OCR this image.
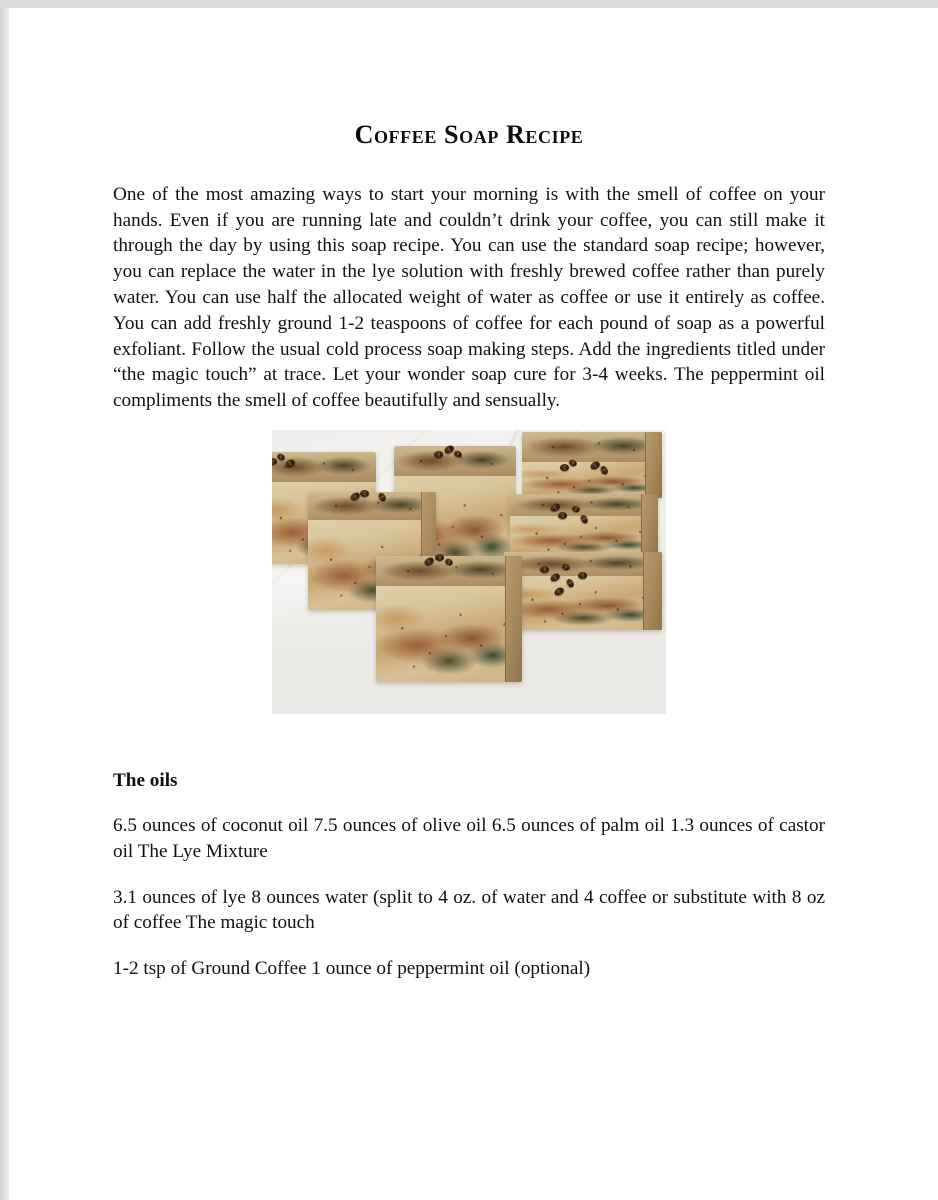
Coffee Soap Recipe

One of the most amazing ways to start your morning is with the smell of coffee on your hands. Even if you are running late and couldn’t drink your coffee, you can still make it through the day by using this soap recipe. You can use the standard soap recipe; however, you can replace the water in the lye solution with freshly brewed coffee rather than purely water. You can use half the allocated weight of water as coffee or use it entirely as coffee. You can add freshly ground 1-2 teaspoons of coffee for each pound of soap as a powerful exfoliant. Follow the usual cold process soap making steps. Add the ingredients titled under “the magic touch” at trace. Let your wonder soap cure for 3-4 weeks. The peppermint oil compliments the smell of coffee beautifully and sensually.

The oils

6.5 ounces of coconut oil 7.5 ounces of olive oil 6.5 ounces of palm oil 1.3 ounces of castor oil The Lye Mixture

3.1 ounces of lye 8 ounces water (split to 4 oz. of water and 4 coffee or substitute with 8 oz of coffee The magic touch

1-2 tsp of Ground Coffee 1 ounce of peppermint oil (optional)
